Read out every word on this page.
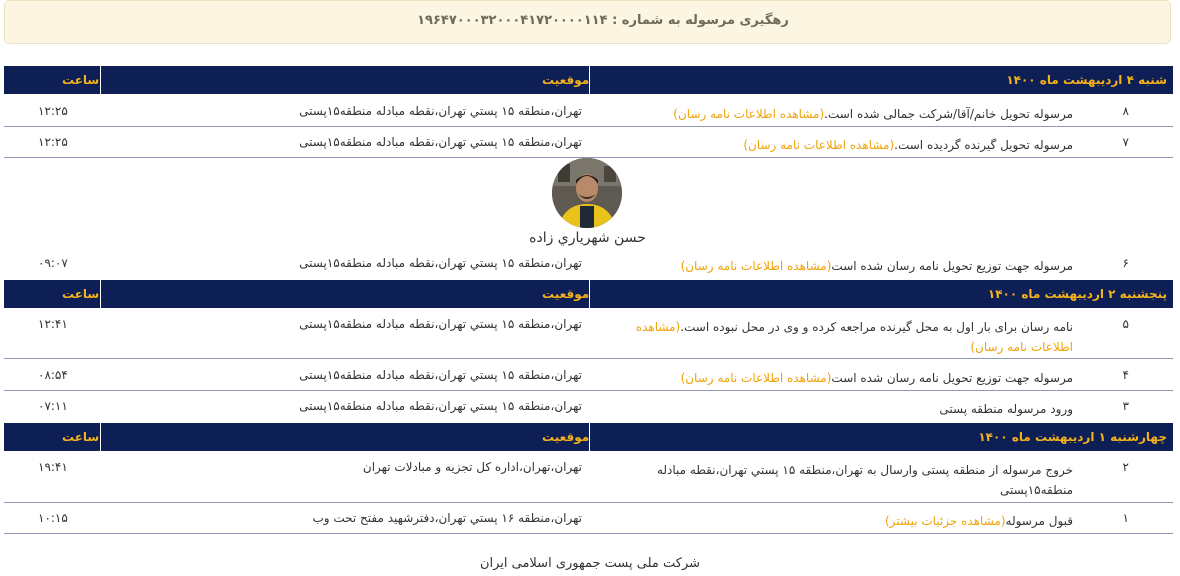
رهگیری مرسوله به شماره : ۱۹۶۴۷۰۰۰۳۲۰۰۰۴۱۷۲۰۰۰۰۱۱۴
شنبه ۴ اردیبهشت ماه ۱۴۰۰
موقعیت
ساعت
۸
مرسوله تحویل خانم/آقا/شرکت جمالی شده است.(مشاهده اطلاعات نامه رسان)
تهران،منطقه ۱۵ پستي تهران،نقطه مبادله منطقه۱۵پستی
۱۲:۲۵
۷
مرسوله تحویل گیرنده گردیده است.(مشاهده اطلاعات نامه رسان)
تهران،منطقه ۱۵ پستي تهران،نقطه مبادله منطقه۱۵پستی
۱۲:۲۵
حسن شهرياري زاده
۶
مرسوله جهت توزیع تحویل نامه رسان شده است(مشاهده اطلاعات نامه رسان)
تهران،منطقه ۱۵ پستي تهران،نقطه مبادله منطقه۱۵پستی
۰۹:۰۷
پنجشنبه ۲ اردیبهشت ماه ۱۴۰۰
موقعیت
ساعت
۵
نامه رسان برای بار اول به محل گیرنده مراجعه کرده و وی در محل نبوده است.(مشاهده اطلاعات نامه رسان)
تهران،منطقه ۱۵ پستي تهران،نقطه مبادله منطقه۱۵پستی
۱۲:۴۱
۴
مرسوله جهت توزیع تحویل نامه رسان شده است(مشاهده اطلاعات نامه رسان)
تهران،منطقه ۱۵ پستي تهران،نقطه مبادله منطقه۱۵پستی
۰۸:۵۴
۳
ورود مرسوله منطقه پستی
تهران،منطقه ۱۵ پستي تهران،نقطه مبادله منطقه۱۵پستی
۰۷:۱۱
چهارشنبه ۱ اردیبهشت ماه ۱۴۰۰
موقعیت
ساعت
۲
خروج مرسوله از منطقه پستی وارسال به تهران،منطقه ۱۵ پستي تهران،نقطه مبادله منطقه۱۵پستی
تهران،تهران،اداره کل تجزیه و مبادلات تهران
۱۹:۴۱
۱
قبول مرسوله(مشاهده جزئیات بیشتر)
تهران،منطقه ۱۶ پستي تهران،دفترشهید مفتح تحت وب
۱۰:۱۵
شرکت ملی پست جمهوری اسلامی ایران
